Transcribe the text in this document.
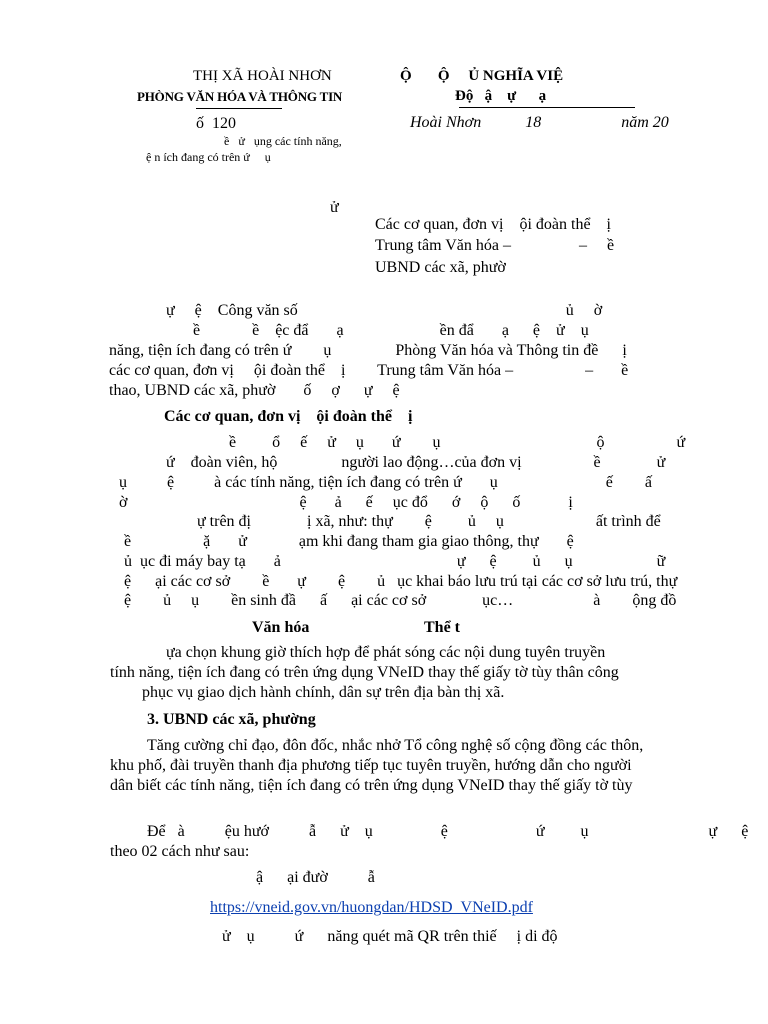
THỊ XÃ HOÀI NHƠN
PHÒNG VĂN HÓA VÀ THÔNG TIN
Ộ       Ộ     Ủ NGHĨA VIỆ
Độ   ậ    ự      ạ
ố  120	Hoài Nhơn           18                    năm 20
ề   ử   ụng các tính năng,
ệ n ích đang có trên ứ     ụ
ử
Các cơ quan, đơn vị    ội đoàn thể    ị
Trung tâm Văn hóa –                 –     ề
UBND các xã, phườ
ự     ệ    Công văn số                                                                   ủ     ờ
ề             ề    ệc đẩ       ạ                        ền đẩ       ạ      ệ    ử    ụ
năng, tiện ích đang có trên ứ        ụ                Phòng Văn hóa và Thông tin đề      ị
các cơ quan, đơn vị     ội đoàn thể    ị        Trung tâm Văn hóa –                  –       ề
thao, UBND các xã, phườ       ố     ợ      ự     ệ
Các cơ quan, đơn vị    ội đoàn thể    ị
ề         ổ     ế     ử     ụ       ứ        ụ                                       ộ                  ứ
ứ    đoàn viên, hộ                người lao động…của đơn vị                  ề              ử
ụ          ệ          à các tính năng, tiện ích đang có trên ứ       ụ                           ế        ấ
ờ                                           ệ       ả      ế     ục đổ      ớ     ộ      ố            ị
ự trên đị              ị xã, như: thự        ệ         ủ     ụ                       ất trình để
ề                  ặ       ử             ạm khi đang tham gia giao thông, thự       ệ
ủ  ục đi máy bay tạ       ả                                            ự      ệ         ủ      ụ                     ữ
ệ      ại các cơ sở        ề       ự        ệ        ủ   ục khai báo lưu trú tại các cơ sở lưu trú, thự
ệ        ủ     ụ        ền sinh đầ      ấ      ại các cơ sở              ục…                    à        ộng đồ
Văn hóa	Thể t
ựa chọn khung giờ thích hợp để phát sóng các nội dung tuyên truyền
tính năng, tiện ích đang có trên ứng dụng VNeID thay thế giấy tờ tùy thân công
phục vụ giao dịch hành chính, dân sự trên địa bàn thị xã.
3. UBND các xã, phường
Tăng cường chỉ đạo, đôn đốc, nhắc nhở Tổ công nghệ số cộng đồng các thôn,
khu phố, đài truyền thanh địa phương tiếp tục tuyên truyền, hướng dẫn cho người
dân biết các tính năng, tiện ích đang có trên ứng dụng VNeID thay thế giấy tờ tùy
Để   à          ệu hướ          ẫ      ử    ụ                 ệ                      ứ         ụ                              ự      ệ
theo 02 cách như sau:
ậ      ại đườ          ẫ
https://vneid.gov.vn/huongdan/HDSD_VNeID.pdf
ử    ụ          ứ      năng quét mã QR trên thiế     ị di độ
